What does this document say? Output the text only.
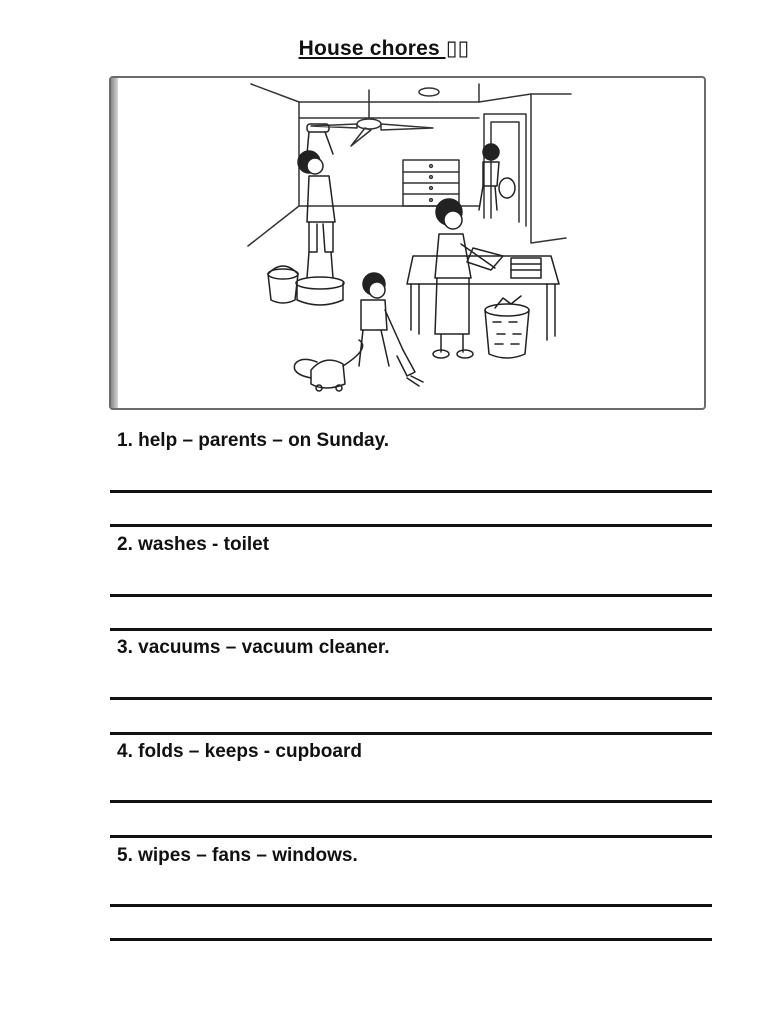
House chores ▯▯
1. help – parents – on Sunday.
2. washes - toilet
3. vacuums – vacuum cleaner.
4. folds – keeps - cupboard
5. wipes – fans – windows.
